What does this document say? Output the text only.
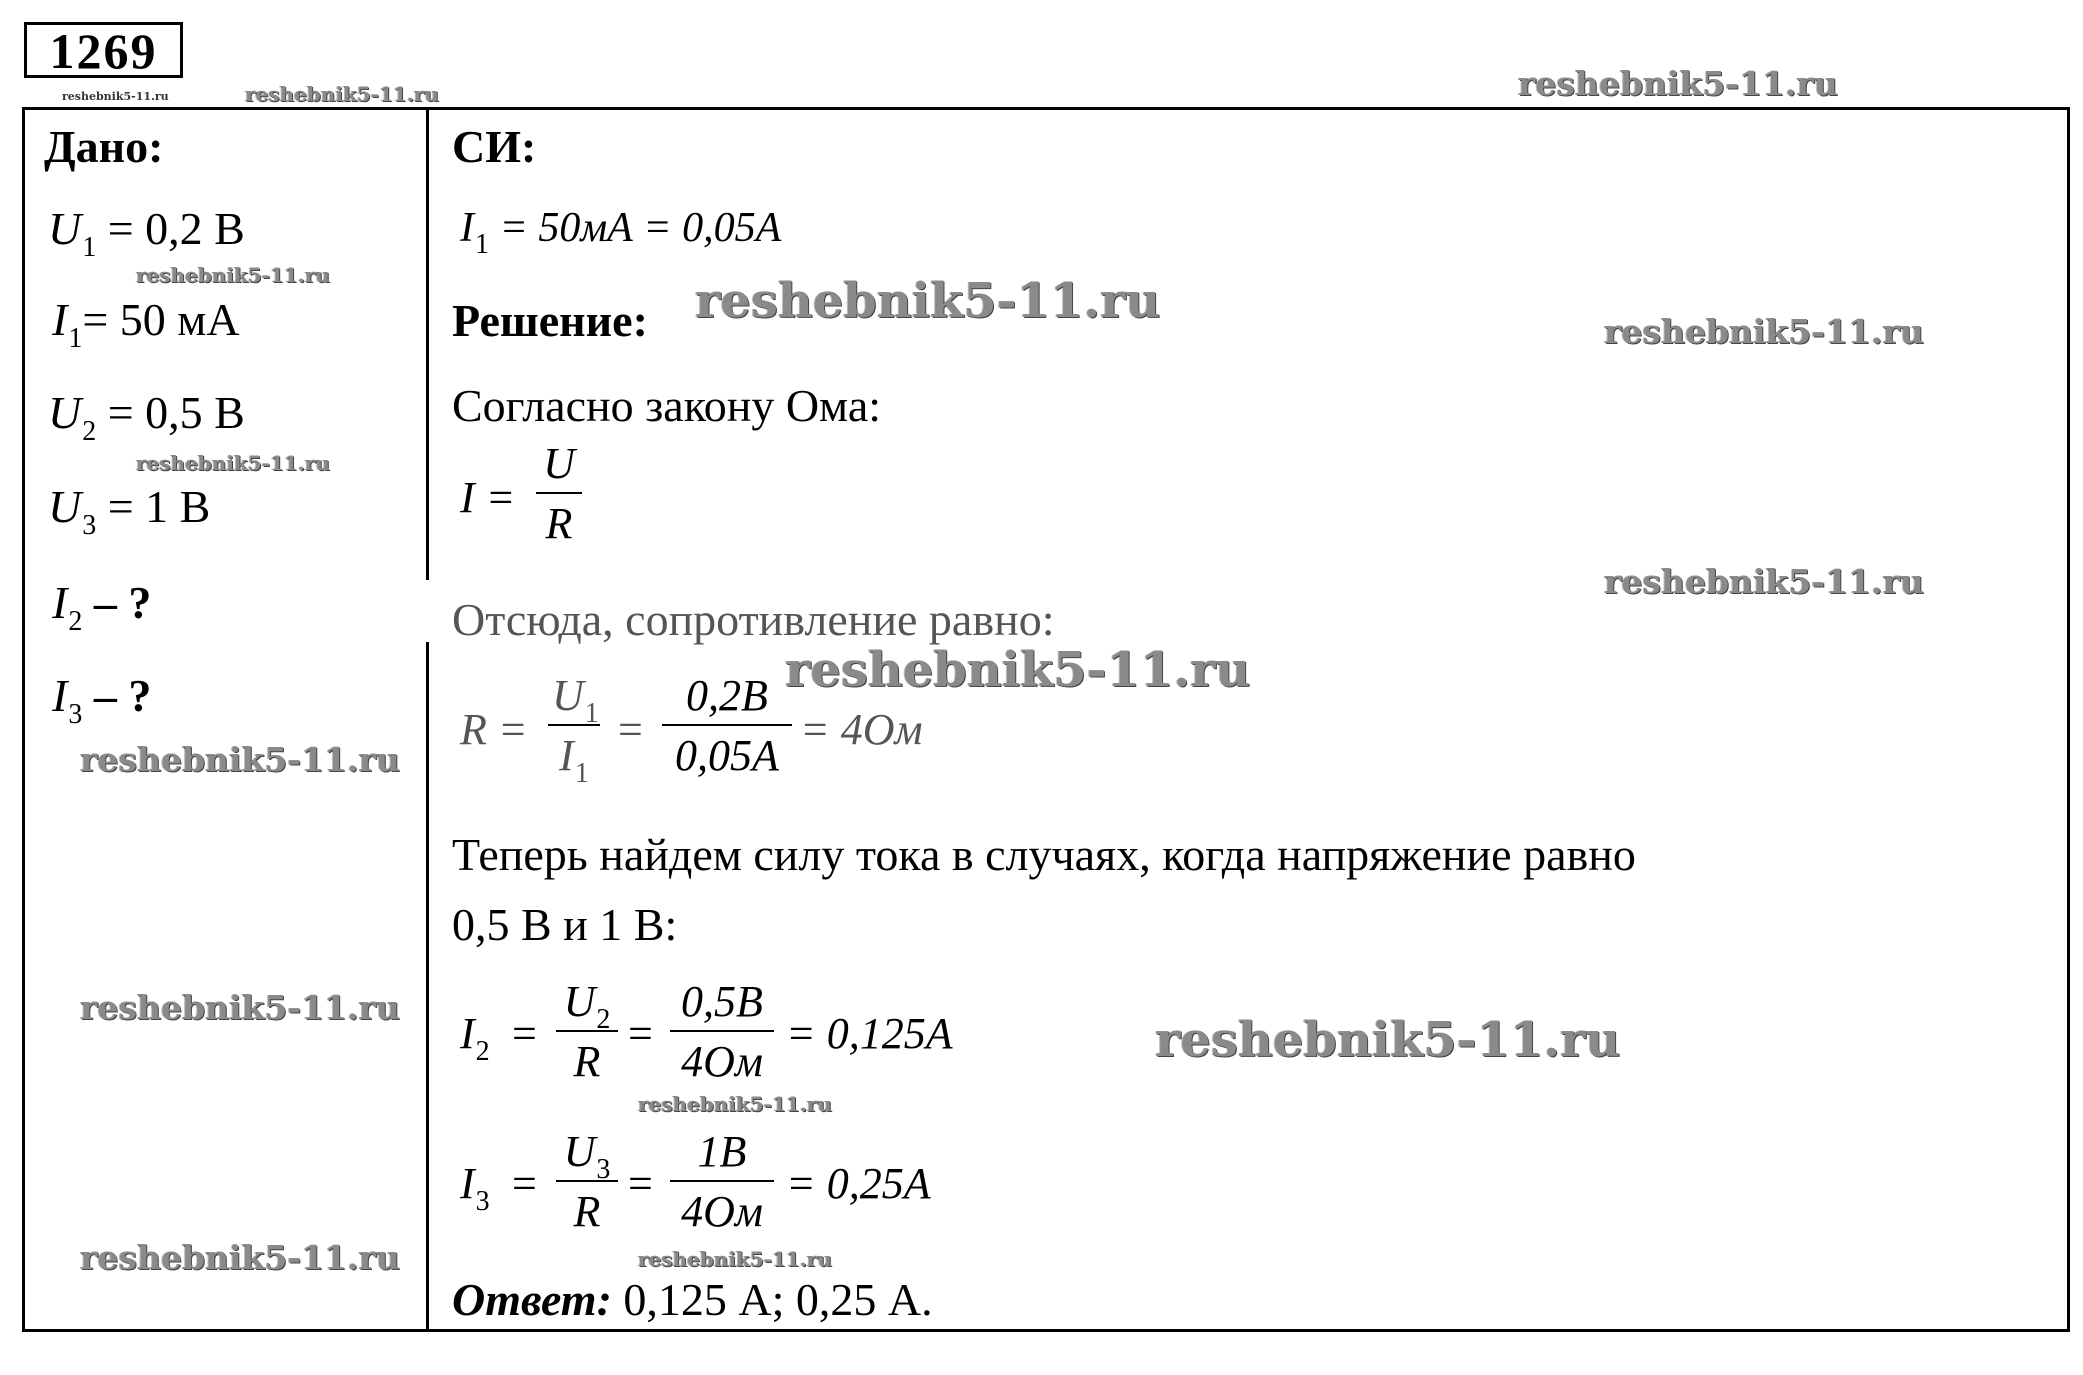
1269
reshebnik5-11.ru	reshebnik5-11.ru	reshebnik5-11.ru
reshebnik5-11.ru
reshebnik5-11.ru
reshebnik5-11.ru
reshebnik5-11.ru
reshebnik5-11.ru
reshebnik5-11.ru
reshebnik5-11.ru
reshebnik5-11.ru
reshebnik5-11.ru
reshebnik5-11.ru
reshebnik5-11.ru
reshebnik5-11.ru
Дано:
$U_1 = 0,2$ В
$I_1= 50$ мА
$U_2 = 0,5$ В
$U_3 = 1$ В
$I_2$ – ?
$I_3$ – ?
СИ:
$I_1 = 50мА = 0,05А$
Решение:
Согласно закону Ома:
I =
U
R
Отсюда, сопротивление равно:
R =
$U_1$
$I_1$
=
0,2В
0,05А
= 4Ом
Теперь найдем силу тока в случаях, когда напряжение равно
0,5 В и 1 В:
$I_2$ =
$U_2$
R
=
0,5В
4Ом
= 0,125А
$I_3$ =
$U_3$
R
=
1В
4Ом
= 0,25А
Ответ: 0,125 А; 0,25 А.
